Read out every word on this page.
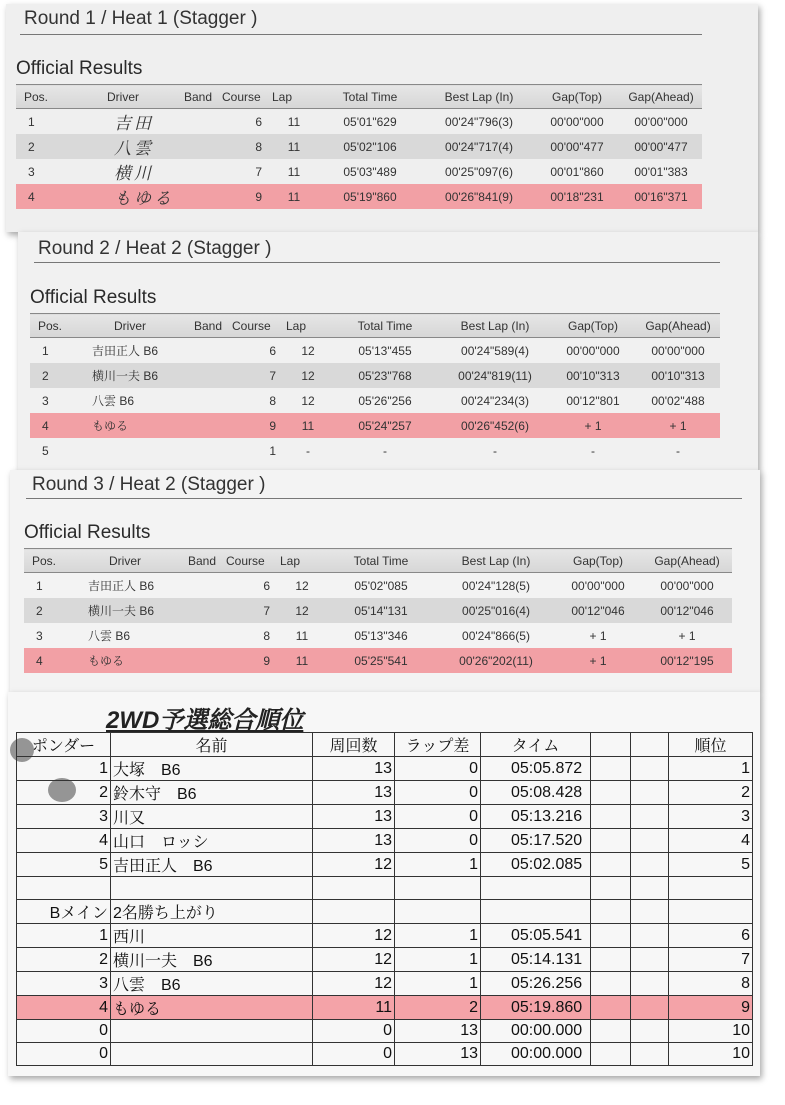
Round 1 / Heat 1 (Stagger )
Official Results
Pos.	Driver	Band	Course	Lap	Total Time	Best Lap (In)	Gap(Top)	Gap(Ahead)
1	吉田		6	11	05'01"629	00'24"796(3)	00'00"000	00'00"000
2	八雲		8	11	05'02"106	00'24"717(4)	00'00"477	00'00"477
3	横川		7	11	05'03"489	00'25"097(6)	00'01"860	00'01"383
4	もゆる		9	11	05'19"860	00'26"841(9)	00'18"231	00'16"371
Round 2 / Heat 2 (Stagger )
Official Results
Pos.	Driver	Band	Course	Lap	Total Time	Best Lap (In)	Gap(Top)	Gap(Ahead)
1	吉田正人 B6		6	12	05'13"455	00'24"589(4)	00'00"000	00'00"000
2	横川一夫 B6		7	12	05'23"768	00'24"819(11)	00'10"313	00'10"313
3	八雲 B6		8	12	05'26"256	00'24"234(3)	00'12"801	00'02"488
4	もゆる		9	11	05'24"257	00'26"452(6)	+ 1	+ 1
5			1	-	-	-	-	-
Round 3 / Heat 2 (Stagger )
Official Results
Pos.	Driver	Band	Course	Lap	Total Time	Best Lap (In)	Gap(Top)	Gap(Ahead)
1	吉田正人 B6		6	12	05'02"085	00'24"128(5)	00'00"000	00'00"000
2	横川一夫 B6		7	12	05'14"131	00'25"016(4)	00'12"046	00'12"046
3	八雲 B6		8	11	05'13"346	00'24"866(5)	+ 1	+ 1
4	もゆる		9	11	05'25"541	00'26"202(11)	+ 1	00'12"195
2WD予選総合順位
ポンダー	名前	周回数	ラップ差	タイム			順位
1	大塚　B6	13	0	05:05.872			1
2	鈴木守　B6	13	0	05:08.428			2
3	川又	13	0	05:13.216			3
4	山口　ロッシ	13	0	05:17.520			4
5	吉田正人　B6	12	1	05:02.085			5

Bメイン	2名勝ち上がり						
1	西川	12	1	05:05.541			6
2	横川一夫　B6	12	1	05:14.131			7
3	八雲　B6	12	1	05:26.256			8
4	もゆる	11	2	05:19.860			9
0		0	13	00:00.000			10
0		0	13	00:00.000			10
